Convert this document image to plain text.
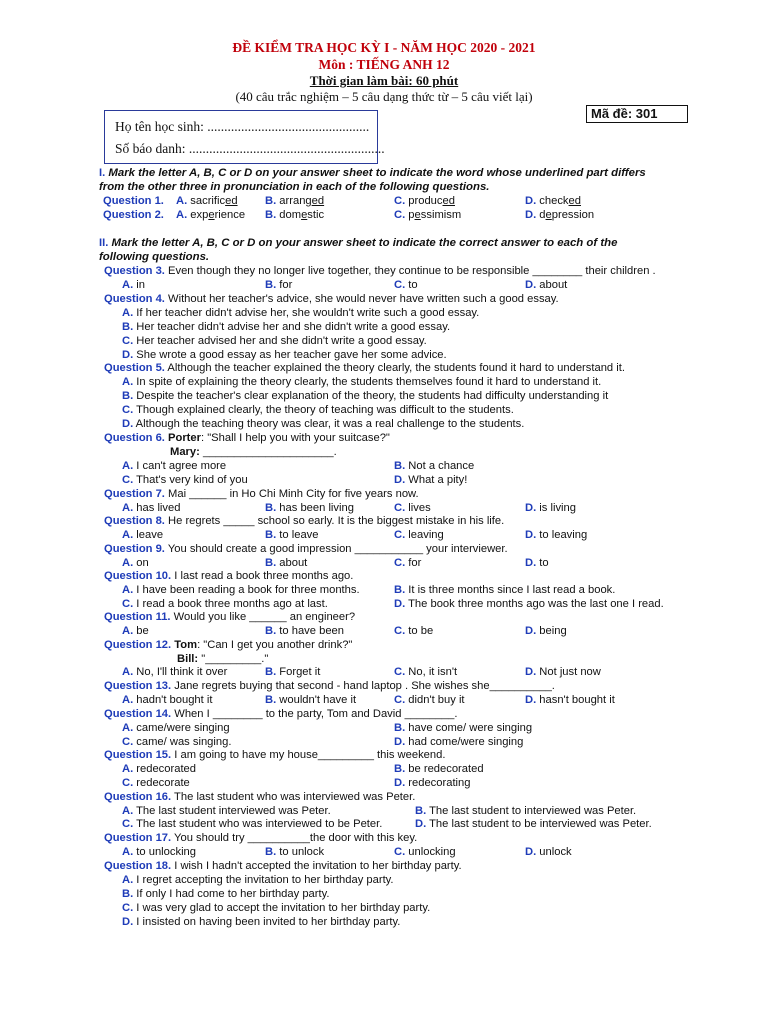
ĐỀ KIỂM TRA HỌC KỲ I - NĂM HỌC 2020 - 2021
Môn : TIẾNG ANH 12
Thời gian làm bài: 60 phút
(40 câu trắc nghiệm – 5 câu dạng thức từ – 5 câu viết lại)
Họ tên học sinh: ................................................
Số báo danh: ..........................................................
Mã đề: 301
I. Mark the letter A, B, C or D on your answer sheet to indicate the word whose underlined part differs
from the other three in pronunciation in each of the following questions.
Question 1. A. sacrificed B. arranged	C. produced	D. checked
Question 2. A. experience B. domestic	C. pessimism	D. depression
II. Mark the letter A, B, C or D on your answer sheet to indicate the correct answer to each of the
following questions.
Question 3. Even though they no longer live together, they continue to be responsible ________ their children .
A. in	B. for	C. to	D. about
Question 4. Without her teacher's advice, she would never have written such a good essay.
A. If her teacher didn't advise her, she wouldn't write such a good essay.
B. Her teacher didn't advise her and she didn't write a good essay.
C. Her teacher advised her and she didn't write a good essay.
D. She wrote a good essay as her teacher gave her some advice.
Question 5. Although the teacher explained the theory clearly, the students found it hard to understand it.
A. In spite of explaining the theory clearly, the students themselves found it hard to understand it.
B. Despite the teacher's clear explanation of the theory, the students had difficulty understanding it
C. Though explained clearly, the theory of teaching was difficult to the students.
D. Although the teaching theory was clear, it was a real challenge to the students.
Question 6. Porter: "Shall I help you with your suitcase?"
Mary: _____________________.
A. I can't agree more	B. Not a chance
C. That's very kind of you	D. What a pity!
Question 7. Mai ______ in Ho Chi Minh City for five years now.
A. has lived	B. has been living	C. lives	D. is living
Question 8. He regrets _____ school so early. It is the biggest mistake in his life.
A. leave	B. to leave	C. leaving	D. to leaving
Question 9. You should create a good impression ___________ your interviewer.
A. on	B. about	C. for	D. to
Question 10. I last read a book three months ago.
A. I have been reading a book for three months.	B. It is three months since I last read a book.
C. I read a book three months ago at last.	D. The book three months ago was the last one I read.
Question 11. Would you like ______ an engineer?
A. be	B. to have been	C. to be	D. being
Question 12. Tom: "Can I get you another drink?"
Bill: "_________."
A. No, I'll think it over	B. Forget it	C. No, it isn't	D. Not just now
Question 13. Jane regrets buying that second - hand laptop . She wishes she__________.
A. hadn't bought it	B. wouldn't have it	C. didn't buy it	D. hasn't bought it
Question 14. When I ________ to the party, Tom and David ________.
A. came/were singing	B. have come/ were singing
C. came/ was singing.	D. had come/were singing
Question 15. I am going to have my house_________ this weekend.
A. redecorated	B. be redecorated
C. redecorate	D. redecorating
Question 16. The last student who was interviewed was Peter.
A. The last student interviewed was Peter.	B. The last student to interviewed was Peter.
C. The last student who was interviewed to be Peter.	D. The last student to be interviewed was Peter.
Question 17. You should try __________the door with this key.
A. to unlocking	B. to unlock	C. unlocking	D. unlock
Question 18. I wish I hadn't accepted the invitation to her birthday party.
A. I regret accepting the invitation to her birthday party.
B. If only I had come to her birthday party.
C. I was very glad to accept the invitation to her birthday party.
D. I insisted on having been invited to her birthday party.
